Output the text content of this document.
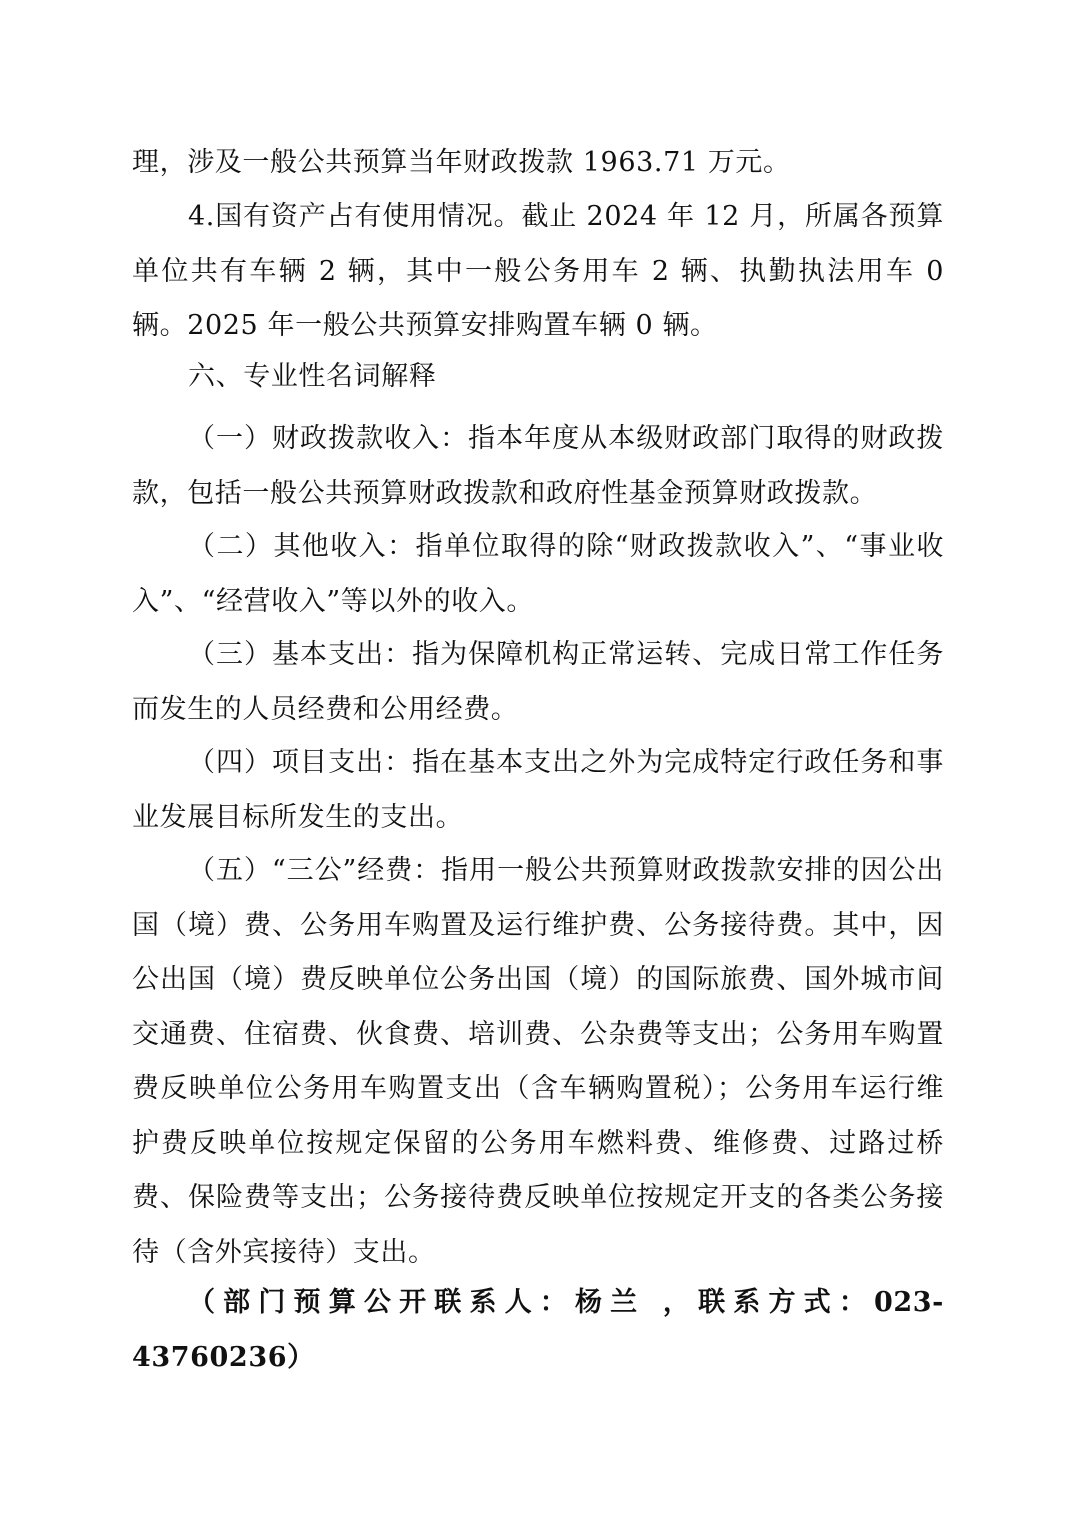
理，涉及一般公共预算当年财政拨款 1963.71 万元。

4.国有资产占有使用情况。截止 2024 年 12 月，所属各预算单位共有车辆 2 辆，其中一般公务用车 2 辆、执勤执法用车 0 辆。2025 年一般公共预算安排购置车辆 0 辆。

六、专业性名词解释

（一）财政拨款收入：指本年度从本级财政部门取得的财政拨款，包括一般公共预算财政拨款和政府性基金预算财政拨款。

（二）其他收入：指单位取得的除“财政拨款收入”、“事业收入”、“经营收入”等以外的收入。

（三）基本支出：指为保障机构正常运转、完成日常工作任务而发生的人员经费和公用经费。

（四）项目支出：指在基本支出之外为完成特定行政任务和事业发展目标所发生的支出。

（五）“三公”经费：指用一般公共预算财政拨款安排的因公出国（境）费、公务用车购置及运行维护费、公务接待费。其中，因公出国（境）费反映单位公务出国（境）的国际旅费、国外城市间交通费、住宿费、伙食费、培训费、公杂费等支出；公务用车购置费反映单位公务用车购置支出（含车辆购置税）；公务用车运行维护费反映单位按规定保留的公务用车燃料费、维修费、过路过桥费、保险费等支出；公务接待费反映单位按规定开支的各类公务接待（含外宾接待）支出。

（部门预算公开联系人：杨兰 ，联系方式：023-43760236）
